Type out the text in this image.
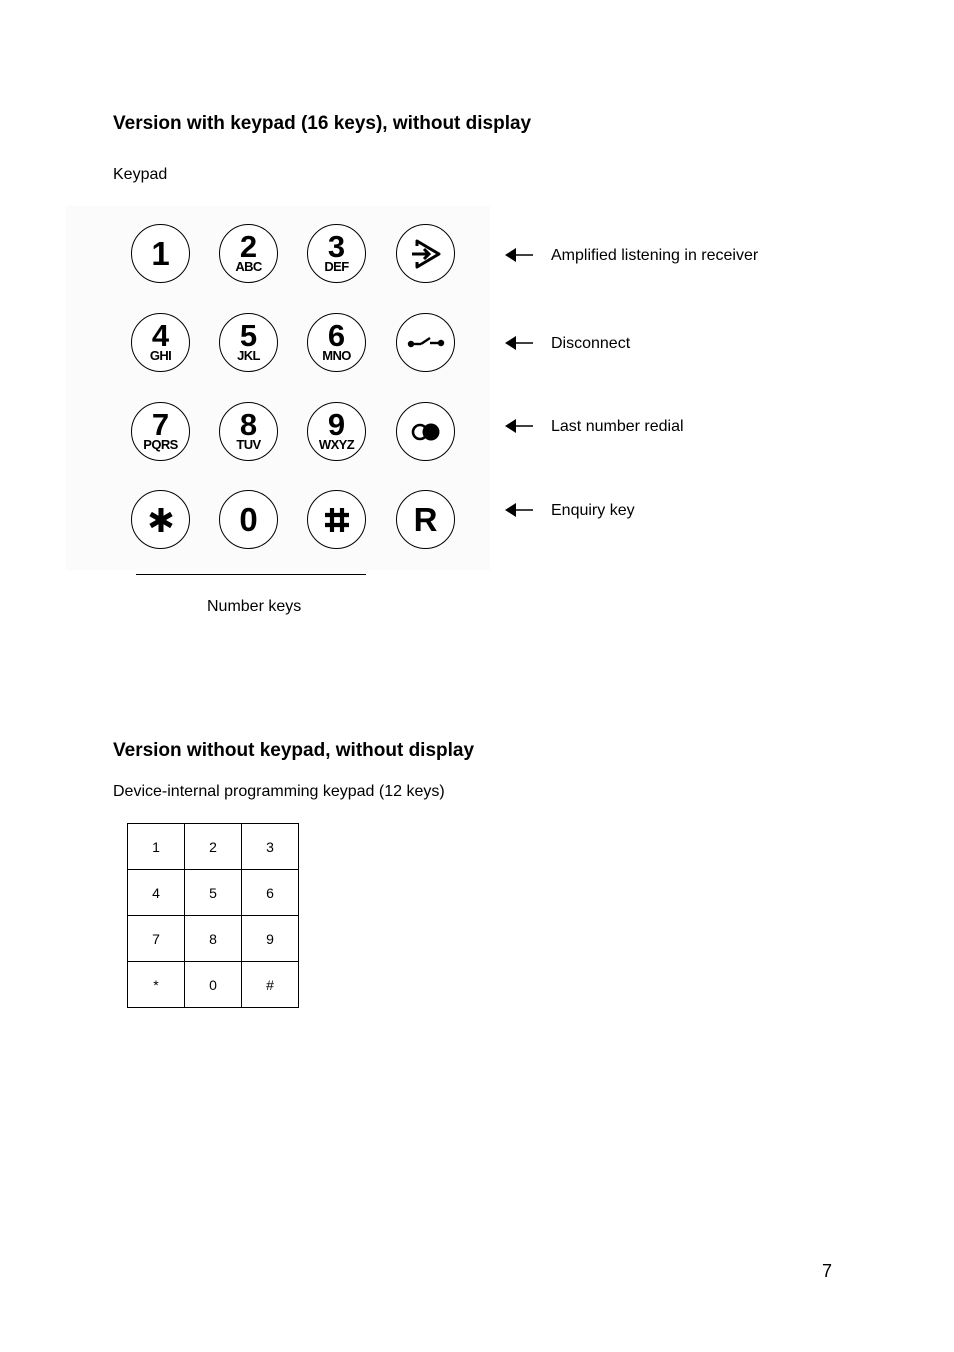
Version with keypad (16 keys), without display
Keypad
1 2
ABC
3
DEF
4
GHI
5
JKL
6
MNO
7
PQRS
8
TUV
9
WXYZ
0	R
Amplified listening in receiver
Disconnect
Last number redial
Enquiry key
Number keys
Version without keypad, without display
Device-internal programming keypad (12 keys)
1	2	3
4	5	6
7	8	9
*	0	#
7
